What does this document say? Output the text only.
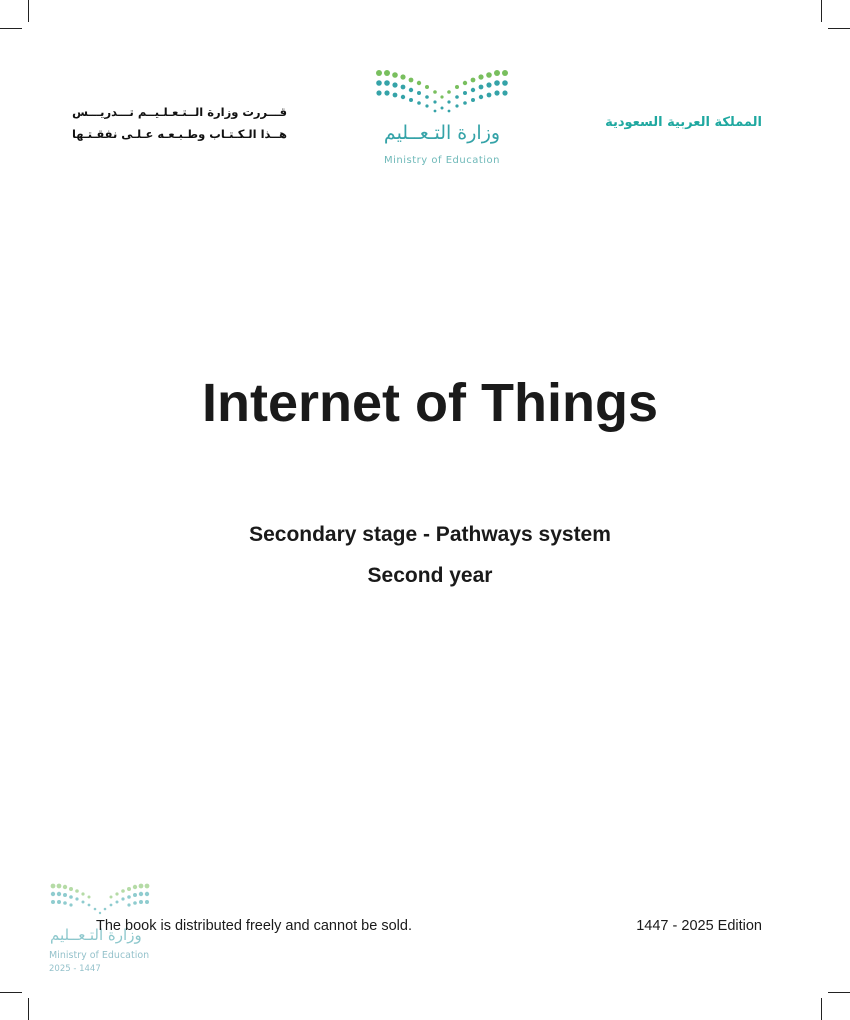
قـــررت وزارة الــتـعـلـيــم تـــدريـــس
هــذا الـكـتـاب وطـبـعـه عـلـى نفقـتـها	وزارة التـعــليم
Ministry of Education
المملكة العربية السعودية
Internet of Things
Secondary stage - Pathways system
Second year
وزارة التـعــليم
Ministry of Education
2025 - 1447
The book is distributed freely and cannot be sold.	1447 - 2025 Edition
